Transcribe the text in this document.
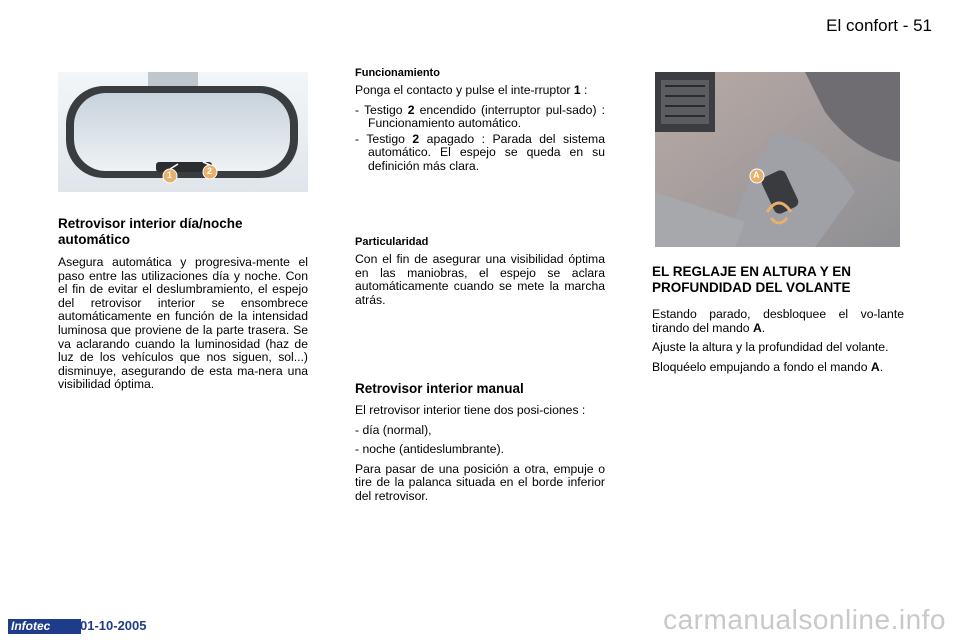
El confort - 51
1	2

Retrovisor interior día/noche automático

Asegura automática y progresiva-mente el paso entre las utilizaciones día y noche. Con el fin de evitar el deslumbramiento, el espejo del retrovisor interior se ensombrece automáticamente en función de la intensidad luminosa que proviene de la parte trasera. Se va aclarando cuando la luminosidad (haz de luz de los vehículos que nos siguen, sol...) disminuye, asegurando de esta ma-nera una visibilidad óptima.

Funcionamiento

Ponga el contacto y pulse el inte-rruptor 1 :

- Testigo 2 encendido (interruptor pul-sado) : Funcionamiento automático.

- Testigo 2 apagado : Parada del sistema automático. El espejo se queda en su definición más clara.

Particularidad

Con el fin de asegurar una visibilidad óptima en las maniobras, el espejo se aclara automáticamente cuando se mete la marcha atrás.

Retrovisor interior manual

El retrovisor interior tiene dos posi-ciones :

- día (normal),

- noche (antideslumbrante).

Para pasar de una posición a otra, empuje o tire de la palanca situada en el borde inferior del retrovisor.

A

EL REGLAJE EN ALTURA Y EN PROFUNDIDAD DEL VOLANTE

Estando parado, desbloquee el vo-lante tirando del mando A.

Ajuste la altura y la profundidad del volante.

Bloquéelo empujando a fondo el mando A.

Infotec	01-10-2005	carmanualsonline.info
